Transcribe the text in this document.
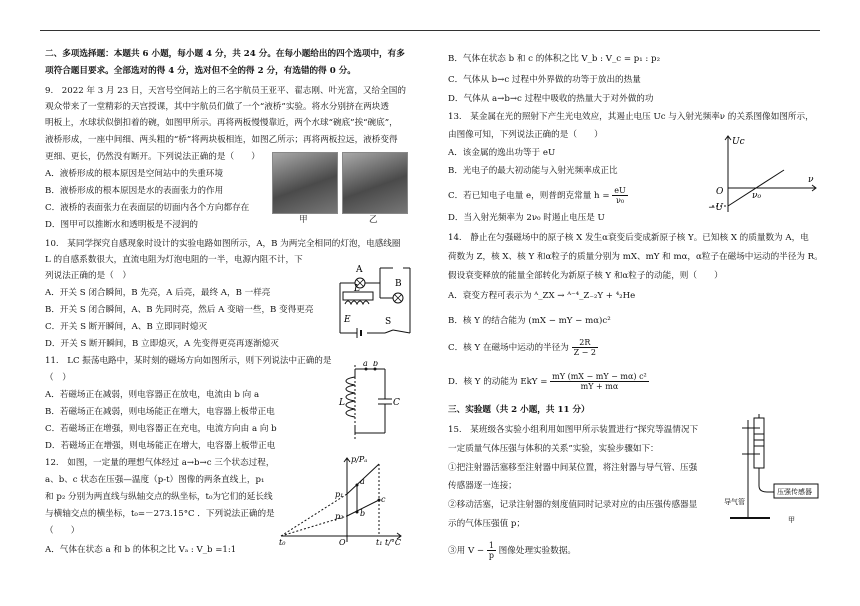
二、多项选择题：本题共 6 小题，每小题 4 分，共 24 分。在每小题给出的四个选项中，有多
项符合题目要求。全部选对的得 4 分，选对但不全的得 2 分，有选错的得 0 分。
9.　2022 年 3 月 23 日，天宫号空间站上的三名宇航员王亚平、翟志刚、叶光富，又给全国的
观众带来了一堂精彩的天宫授课，其中宇航员们做了一个“液桥”实验。将水分别挤在两块透
明板上，水球状似倒扣着的碗，如图甲所示。再将两板慢慢靠近，两个水球“碗底”挨“碗底”，
液桥形成，一座中间细、两头粗的“桥”将两块板相连，如图乙所示；再将两板拉远，液桥变得
更细、更长，仍然没有断开。下列说法正确的是（　　）
A．液桥形成的根本原因是空间站中的失重环境
B．液桥形成的根本原因是水的表面张力的作用
C．液桥的表面张力在表面层的切面内各个方向都存在
D．图甲可以推断水和透明板是不浸润的	甲	乙
10.　某同学探究自感现象时设计的实验电路如图所示，A，B 为两完全相同的灯泡，电感线圈
L 的自感系数很大，直流电阻为灯泡电阻的一半，电源内阻不计，下
列说法正确的是（　）
A．开关 S 闭合瞬间，B 先亮，A 后亮，最终 A，B 一样亮
B．开关 S 闭合瞬间，A、B 先同时亮，然后 A 变暗一些，B 变得更亮
C．开关 S 断开瞬间，A、B 立即同时熄灭
D．开关 S 断开瞬间，B 立即熄灭，A 先变得更亮再逐渐熄灭
A
B
L
E	S
11.　LC 振荡电路中，某时刻的磁场方向如图所示，则下列说法中正确的是
（　）
A．若磁场正在减弱，则电容器正在放电，电流由 b 向 a
B．若磁场正在减弱，则电场能正在增大，电容器上板带正电
C．若磁场正在增强，则电容器正在充电，电流方向由 a 向 b
D．若磁场正在增强，则电场能正在增大，电容器上板带正电
a b
L	C
12.　如图，一定量的理想气体经过 a→b→c 三个状态过程，
a、b、c 状态在压强—温度（p-t）图像的两条直线上，p₁
和 p₂ 分别为两直线与纵轴交点的纵坐标，t₀为它们的延长线
与横轴交点的横坐标，t₀=－273.15°C ．下列说法正确的是
（　　）
A．气体在状态 a 和 b 的体积之比 Vₐ : V_b =1:1
p/Pₐ
p₁
p₂
t₀	O	t₁ t/°C
a
b
c
B．气体在状态 b 和 c 的体积之比 V_b : V_c = p₁ : p₂
C．气体从 b→c 过程中外界做的功等于放出的热量
D．气体从 a→b→c 过程中吸收的热量大于对外做的功
13.　某金属在光的照射下产生光电效应，其遏止电压 Uc 与入射光频率ν 的关系图像如图所示，
由图像可知，下列说法正确的是（　　）
A．该金属的逸出功等于 eU
B．光电子的最大初动能与入射光频率成正比
C．若已知电子电量 e，则普朗克常量 $h = \frac{eU}{\text{ν₀}}$
D．当入射光频率为 2ν₀ 时遏止电压是 U
Uc
O	ν₀
ν
−U
14.　静止在匀强磁场中的原子核 X 发生α衰变后变成新原子核 Y。已知核 X 的质量数为 A，电
荷数为 Z，核 X、核 Y 和α粒子的质量分别为 mX、mY 和 mα，α粒子在磁场中运动的半径为 R。
假设衰变释放的能量全部转化为新原子核 Y 和α粒子的动能，则（　　）
A．衰变方程可表示为 ᴬ_ZX → ᴬ⁻⁴_Z₋₂Y + ⁴₂He
B．核 Y 的结合能为 (mX − mY − mα)c²
C．核 Y 在磁场中运动的半径为 $\frac{2R}{Z - 2}$
D．核 Y 的动能为 EkY = $\frac{\text{mY (mX − mY − mα) c²}}{mY + m\alpha}$
三、实验题（共 2 小题，共 11 分）
15.　某班级各实验小组利用如图甲所示装置进行“探究等温情况下
一定质量气体压强与体积的关系”实验，实验步骤如下：
①把注射器活塞移至注射器中间某位置，将注射器与导气管、压强
传感器逐一连接；
②移动活塞，记录注射器的刻度值同时记录对应的由压强传感器显
示的气体压强值 p；
③用 $V - \frac{1}{p}$ 图像处理实验数据。
导气管
压强传感器
甲
